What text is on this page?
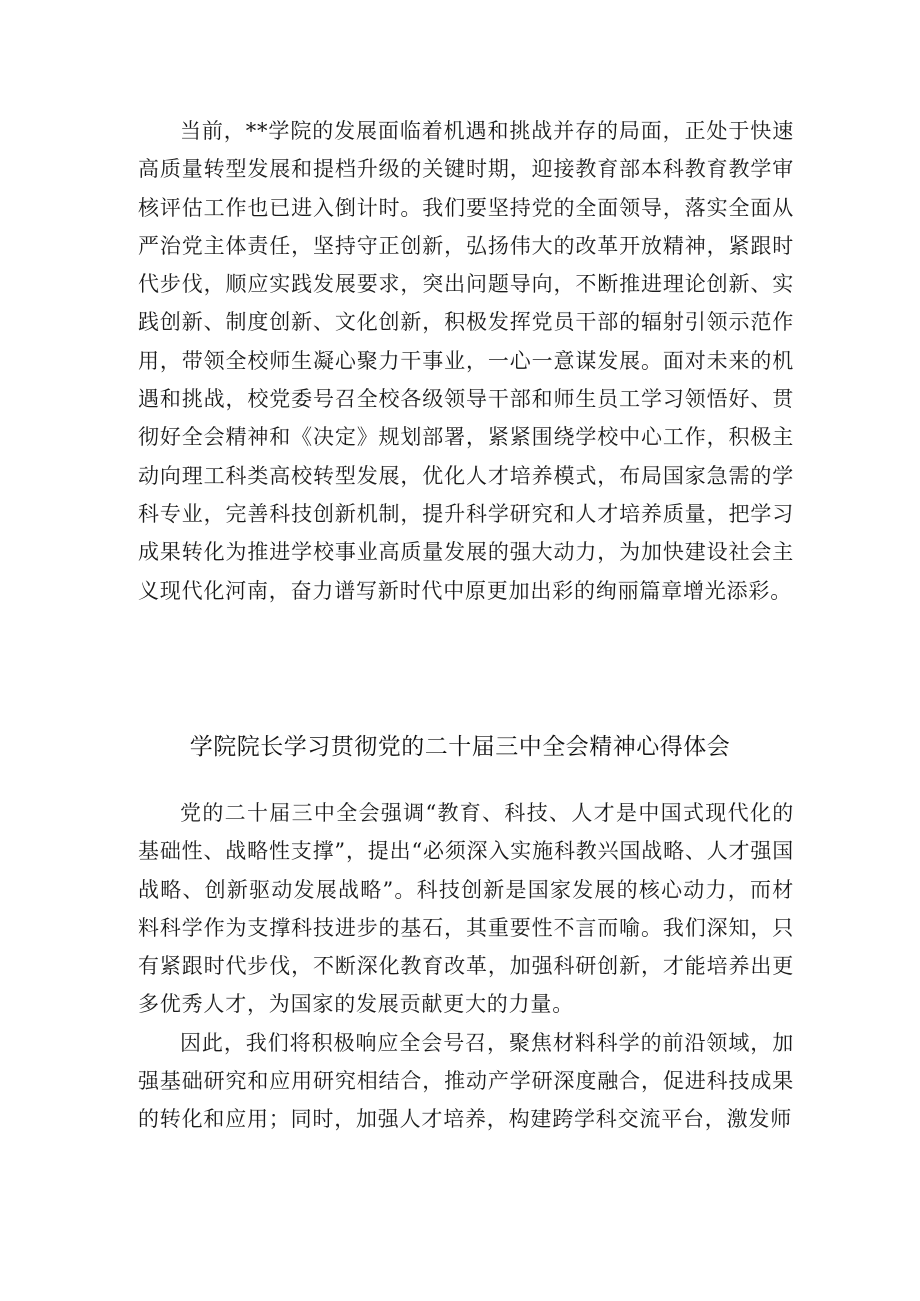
当前，**学院的发展面临着机遇和挑战并存的局面，正处于快速高质量转型发展和提档升级的关键时期，迎接教育部本科教育教学审核评估工作也已进入倒计时。我们要坚持党的全面领导，落实全面从严治党主体责任，坚持守正创新，弘扬伟大的改革开放精神，紧跟时代步伐，顺应实践发展要求，突出问题导向，不断推进理论创新、实践创新、制度创新、文化创新，积极发挥党员干部的辐射引领示范作用，带领全校师生凝心聚力干事业，一心一意谋发展。面对未来的机遇和挑战，校党委号召全校各级领导干部和师生员工学习领悟好、贯彻好全会精神和《决定》规划部署，紧紧围绕学校中心工作，积极主动向理工科类高校转型发展，优化人才培养模式，布局国家急需的学科专业，完善科技创新机制，提升科学研究和人才培养质量，把学习成果转化为推进学校事业高质量发展的强大动力，为加快建设社会主义现代化河南，奋力谱写新时代中原更加出彩的绚丽篇章增光添彩。

学院院长学习贯彻党的二十届三中全会精神心得体会

党的二十届三中全会强调“教育、科技、人才是中国式现代化的基础性、战略性支撑”，提出“必须深入实施科教兴国战略、人才强国战略、创新驱动发展战略”。科技创新是国家发展的核心动力，而材料科学作为支撑科技进步的基石，其重要性不言而喻。我们深知，只有紧跟时代步伐，不断深化教育改革，加强科研创新，才能培养出更多优秀人才，为国家的发展贡献更大的力量。

因此，我们将积极响应全会号召，聚焦材料科学的前沿领域，加强基础研究和应用研究相结合，推动产学研深度融合，促进科技成果的转化和应用；同时，加强人才培养，构建跨学科交流平台，激发师
